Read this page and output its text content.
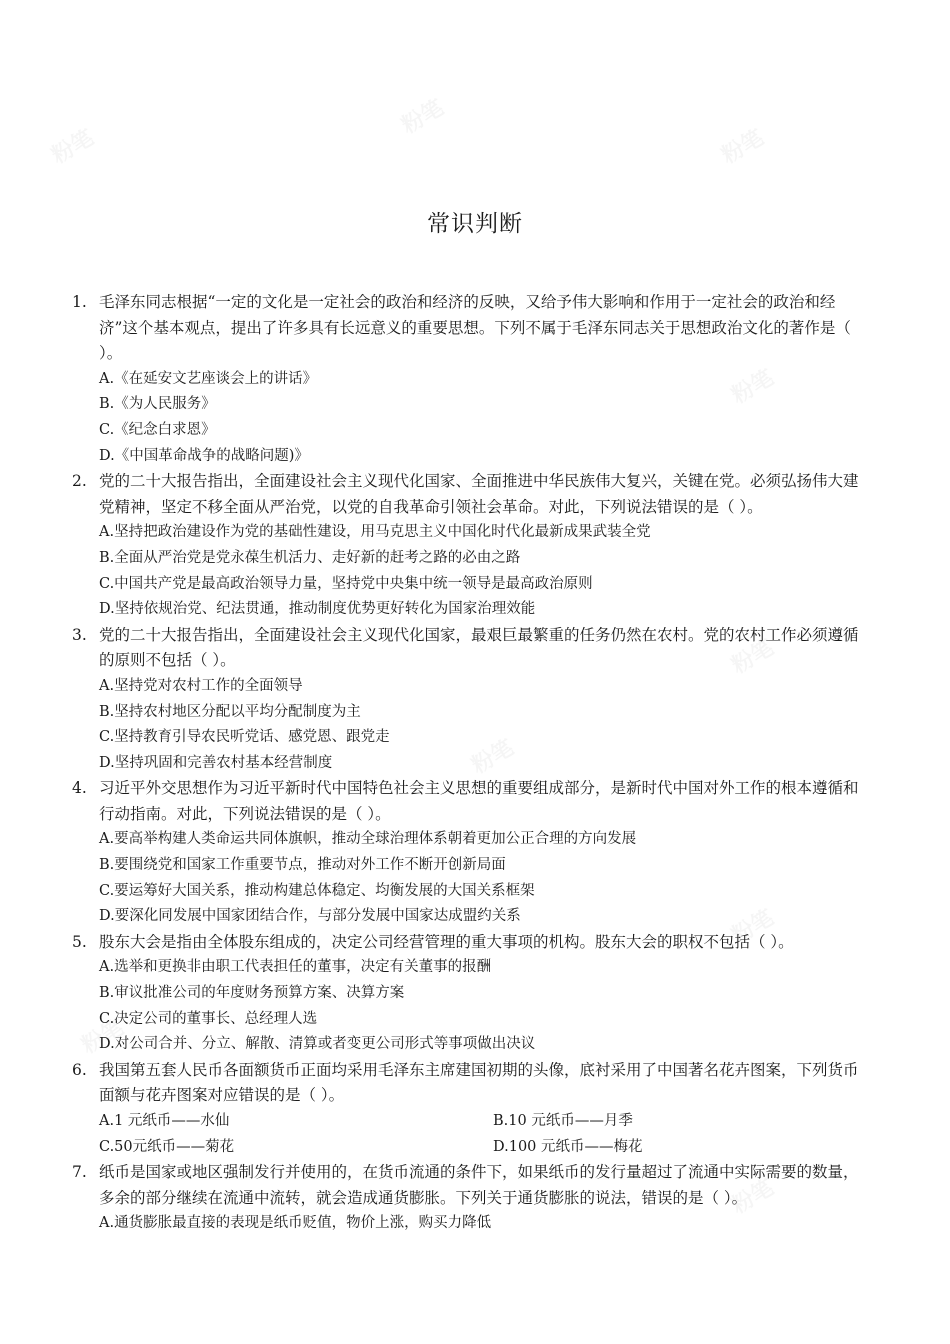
常识判断
1. 毛泽东同志根据“一定的文化是一定社会的政治和经济的反映，又给予伟大影响和作用于一定社会的政治和经济”这个基本观点，提出了许多具有长远意义的重要思想。下列不属于毛泽东同志关于思想政治文化的著作是（ ）。
A.《在延安文艺座谈会上的讲话》
B.《为人民服务》
C.《纪念白求恩》
D.《中国革命战争的战略问题)》
2. 党的二十大报告指出，全面建设社会主义现代化国家、全面推进中华民族伟大复兴，关键在党。必须弘扬伟大建党精神，坚定不移全面从严治党，以党的自我革命引领社会革命。对此，下列说法错误的是（ ）。
A.坚持把政治建设作为党的基础性建设，用马克思主义中国化时代化最新成果武装全党
B.全面从严治党是党永葆生机活力、走好新的赶考之路的必由之路
C.中国共产党是最高政治领导力量，坚持党中央集中统一领导是最高政治原则
D.坚持依规治党、纪法贯通，推动制度优势更好转化为国家治理效能
3. 党的二十大报告指出，全面建设社会主义现代化国家，最艰巨最繁重的任务仍然在农村。党的农村工作必须遵循的原则不包括（ ）。
A.坚持党对农村工作的全面领导
B.坚持农村地区分配以平均分配制度为主
C.坚持教育引导农民听党话、感党恩、跟党走
D.坚持巩固和完善农村基本经营制度
4. 习近平外交思想作为习近平新时代中国特色社会主义思想的重要组成部分，是新时代中国对外工作的根本遵循和行动指南。对此，下列说法错误的是（ ）。
A.要高举构建人类命运共同体旗帜，推动全球治理体系朝着更加公正合理的方向发展
B.要围绕党和国家工作重要节点，推动对外工作不断开创新局面
C.要运筹好大国关系，推动构建总体稳定、均衡发展的大国关系框架
D.要深化同发展中国家团结合作，与部分发展中国家达成盟约关系
5. 股东大会是指由全体股东组成的，决定公司经营管理的重大事项的机构。股东大会的职权不包括（ ）。
A.选举和更换非由职工代表担任的董事，决定有关董事的报酬
B.审议批准公司的年度财务预算方案、决算方案
C.决定公司的董事长、总经理人选
D.对公司合并、分立、解散、清算或者变更公司形式等事项做出决议
6. 我国第五套人民币各面额货币正面均采用毛泽东主席建国初期的头像，底衬采用了中国著名花卉图案，下列货币面额与花卉图案对应错误的是（ ）。
A.1 元纸币——水仙	B.10 元纸币——月季
C.50元纸币——菊花	D.100 元纸币——梅花
7. 纸币是国家或地区强制发行并使用的，在货币流通的条件下，如果纸币的发行量超过了流通中实际需要的数量，多余的部分继续在流通中流转，就会造成通货膨胀。下列关于通货膨胀的说法，错误的是（ ）。
A.通货膨胀最直接的表现是纸币贬值，物价上涨，购买力降低
